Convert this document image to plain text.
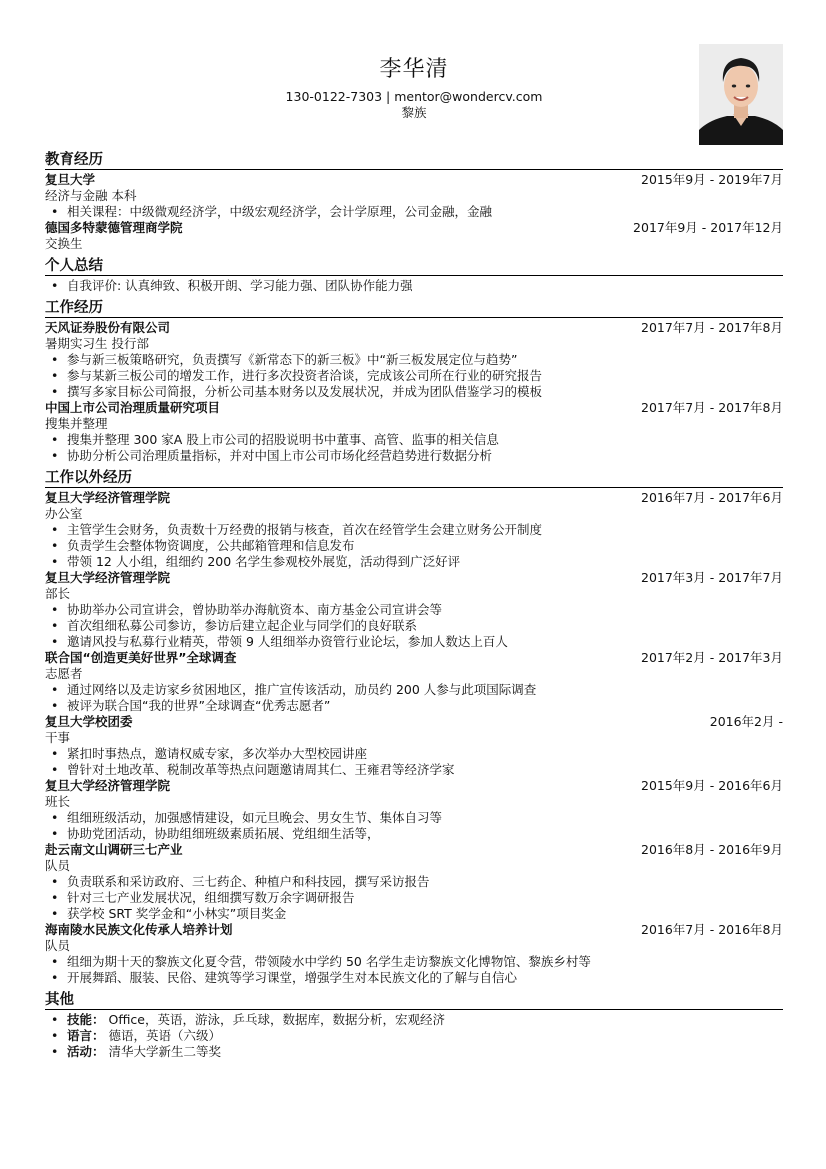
李华清
130-0122-7303 | mentor@wondercv.com
黎族
教育经历
复旦大学	2015年9月 - 2019年7月
经济与金融 本科
• 相关课程：中级微观经济学，中级宏观经济学，会计学原理，公司金融，金融
德国多特蒙德管理商学院	2017年9月 - 2017年12月
交换生
个人总结
• 自我评价: 认真绅致、积极开朗、学习能力强、团队协作能力强
工作经历
天风证券股份有限公司	2017年7月 - 2017年8月
暑期实习生 投行部
• 参与新三板策略研究，负责撰写《新常态下的新三板》中“新三板发展定位与趋势”
• 参与某新三板公司的增发工作，进行多次投资者洽谈，完成该公司所在行业的研究报告
• 撰写多家目标公司简报，分析公司基本财务以及发展状况，并成为团队借鉴学习的模板
中国上市公司治理质量研究项目	2017年7月 - 2017年8月
搜集并整理
• 搜集并整理 300 家A 股上市公司的招股说明书中董事、高管、监事的相关信息
• 协助分析公司治理质量指标，并对中国上市公司市场化经营趋势进行数据分析
工作以外经历
复旦大学经济管理学院	2016年7月 - 2017年6月
办公室
• 主管学生会财务，负责数十万经费的报销与核查，首次在经管学生会建立财务公开制度
• 负责学生会整体物资调度，公共邮箱管理和信息发布
• 带领 12 人小组，组细约 200 名学生参观校外展览，活动得到广泛好评
复旦大学经济管理学院	2017年3月 - 2017年7月
部长
• 协助举办公司宣讲会，曾协助举办海航资本、南方基金公司宣讲会等
• 首次组细私募公司参访，参访后建立起企业与同学们的良好联系
• 邀请风投与私募行业精英，带领 9 人组细举办资管行业论坛，参加人数达上百人
联合国“创造更美好世界”全球调查	2017年2月 - 2017年3月
志愿者
• 通过网络以及走访家乡贫困地区，推广宣传该活动，劢员约 200 人参与此项国际调查
• 被评为联合国“我的世界”全球调查“优秀志愿者”
复旦大学校团委	2016年2月 -
干事
• 紧扣时事热点，邀请权威专家，多次举办大型校园讲座
• 曾针对土地改革、税制改革等热点问题邀请周其仁、王雍君等经济学家
复旦大学经济管理学院	2015年9月 - 2016年6月
班长
• 组细班级活动，加强感情建设，如元旦晚会、男女生节、集体自习等
• 协助党团活动，协助组细班级素质拓展、党组细生活等，
赴云南文山调研三七产业	2016年8月 - 2016年9月
队员
• 负责联系和采访政府、三七药企、种植户和科技园，撰写采访报告
• 针对三七产业发展状况，组细撰写数万余字调研报告
• 获学校 SRT 奖学金和“小林实”项目奖金
海南陵水民族文化传承人培养计划	2016年7月 - 2016年8月
队员
• 组细为期十天的黎族文化夏令营，带领陵水中学约 50 名学生走访黎族文化博物馆、黎族乡村等
• 开展舞蹈、服装、民俗、建筑等学习课堂，增强学生对本民族文化的了解与自信心
其他
• 技能： Office，英语，游泳，乒乓球，数据库，数据分析，宏观经济
• 语言： 德语，英语（六级）
• 活动： 清华大学新生二等奖
